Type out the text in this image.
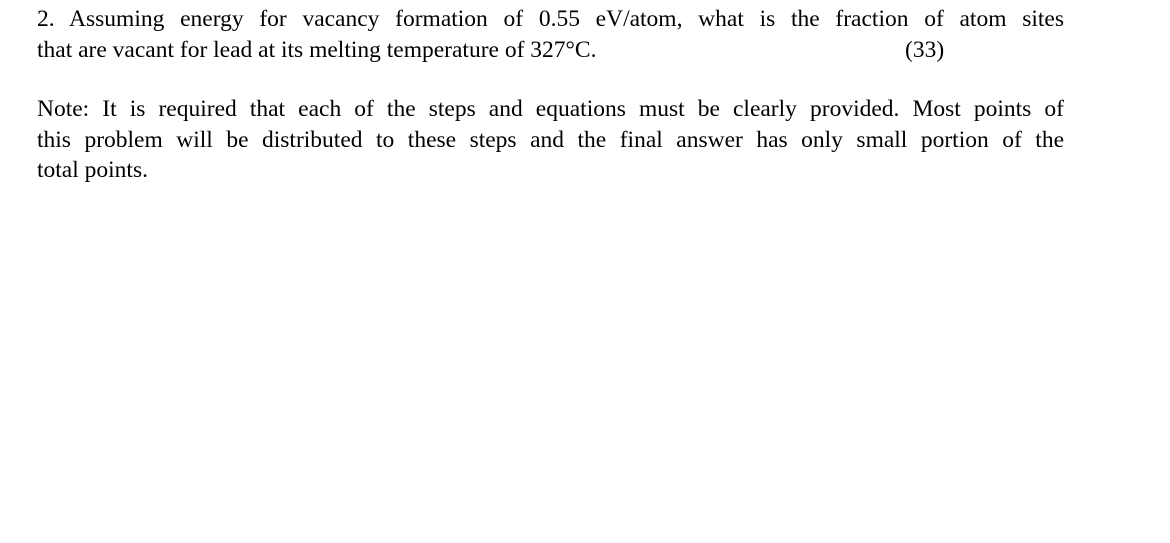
2. Assuming energy for vacancy formation of 0.55 eV/atom, what is the fraction of atom sites
that are vacant for lead at its melting temperature of 327°C.	(33)
Note: It is required that each of the steps and equations must be clearly provided. Most points of
this problem will be distributed to these steps and the final answer has only small portion of the
total points.
